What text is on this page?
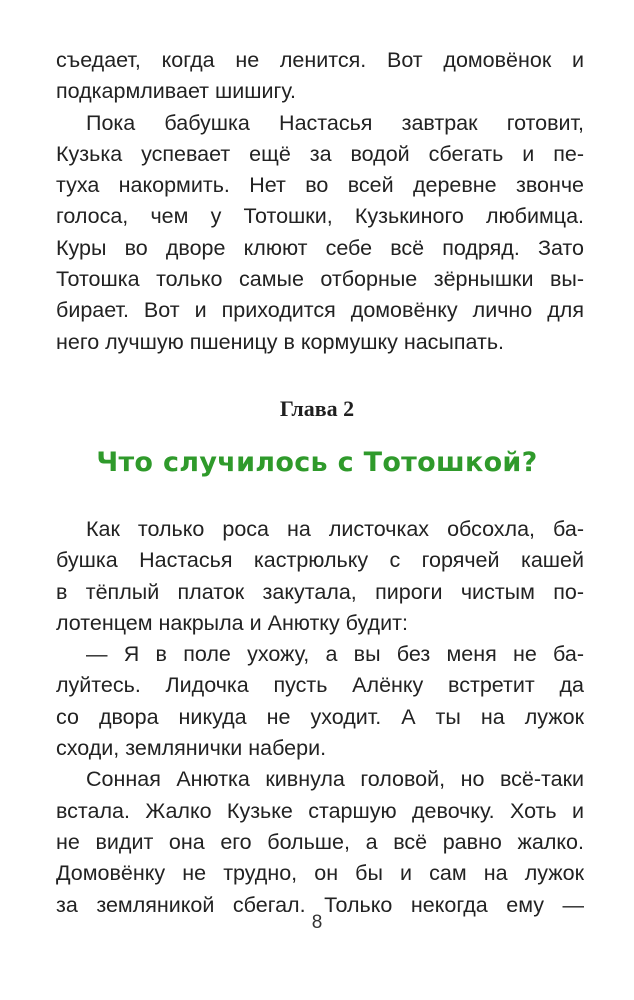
съедает, когда не ленится. Вот домовёнок и
подкармливает шишигу.

Пока бабушка Настасья завтрак готовит,
Кузька успевает ещё за водой сбегать и пе-
туха накормить. Нет во всей деревне звонче
голоса, чем у Тотошки, Кузькиного любимца.
Куры во дворе клюют себе всё подряд. Зато
Тотошка только самые отборные зёрнышки вы-
бирает. Вот и приходится домовёнку лично для
него лучшую пшеницу в кормушку насыпать.

Глава 2
Что случилось с Тотошкой?

Как только роса на листочках обсохла, ба-
бушка Настасья кастрюльку с горячей кашей
в тёплый платок закутала, пироги чистым по-
лотенцем накрыла и Анютку будит:

— Я в поле ухожу, а вы без меня не ба-
луйтесь. Лидочка пусть Алёнку встретит да
со двора никуда не уходит. А ты на лужок
сходи, землянички набери.

Сонная Анютка кивнула головой, но всё-таки
встала. Жалко Кузьке старшую девочку. Хоть и
не видит она его больше, а всё равно жалко.
Домовёнку не трудно, он бы и сам на лужок
за земляникой сбегал. Только некогда ему —

8
